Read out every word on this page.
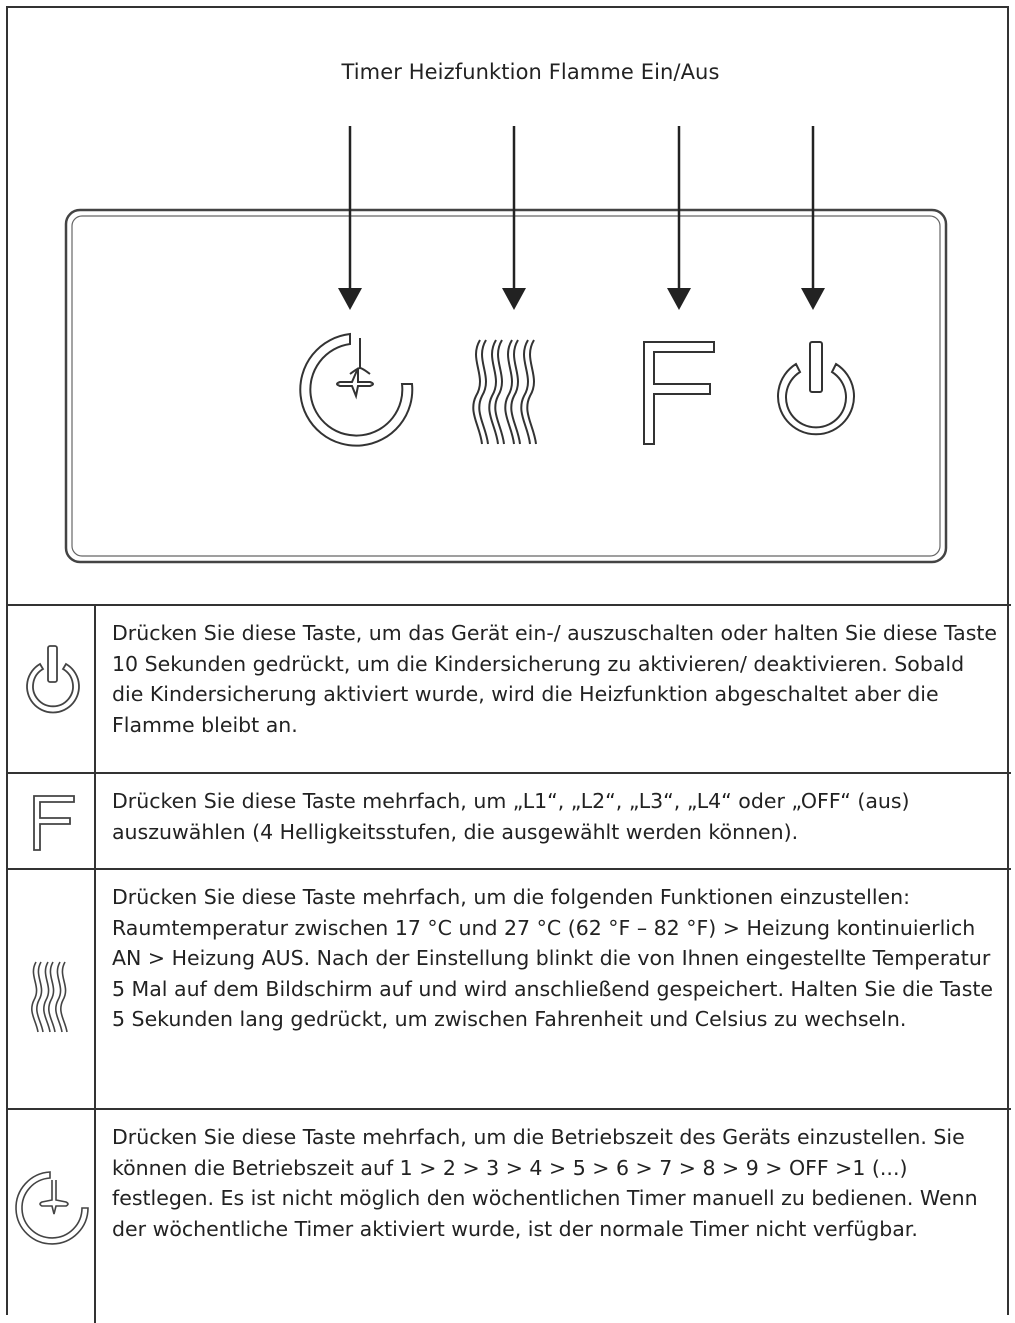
Timer Heizfunktion Flamme Ein/Aus
Drücken Sie diese Taste, um das Gerät ein-/ auszuschalten oder halten Sie diese Taste 10 Sekunden gedrückt, um die Kindersicherung zu aktivieren/ deaktivieren. Sobald die Kindersicherung aktiviert wurde, wird die Heizfunktion abgeschaltet aber die Flamme bleibt an.
Drücken Sie diese Taste mehrfach, um „L1“, „L2“, „L3“, „L4“ oder „OFF“ (aus) auszuwählen (4 Helligkeitsstufen, die ausgewählt werden können).
Drücken Sie diese Taste mehrfach, um die folgenden Funktionen einzustellen: Raumtemperatur zwischen 17 °C und 27 °C (62 °F – 82 °F) > Heizung kontinuierlich AN > Heizung AUS. Nach der Einstellung blinkt die von Ihnen eingestellte Temperatur 5 Mal auf dem Bildschirm auf und wird anschließend gespeichert. Halten Sie die Taste 5 Sekunden lang gedrückt, um zwischen Fahrenheit und Celsius zu wechseln.
Drücken Sie diese Taste mehrfach, um die Betriebszeit des Geräts einzustellen. Sie können die Betriebszeit auf 1 > 2 > 3 > 4 > 5 > 6 > 7 > 8 > 9 > OFF >1 (...) festlegen. Es ist nicht möglich den wöchentlichen Timer manuell zu bedienen. Wenn der wöchentliche Timer aktiviert wurde, ist der normale Timer nicht verfügbar.
